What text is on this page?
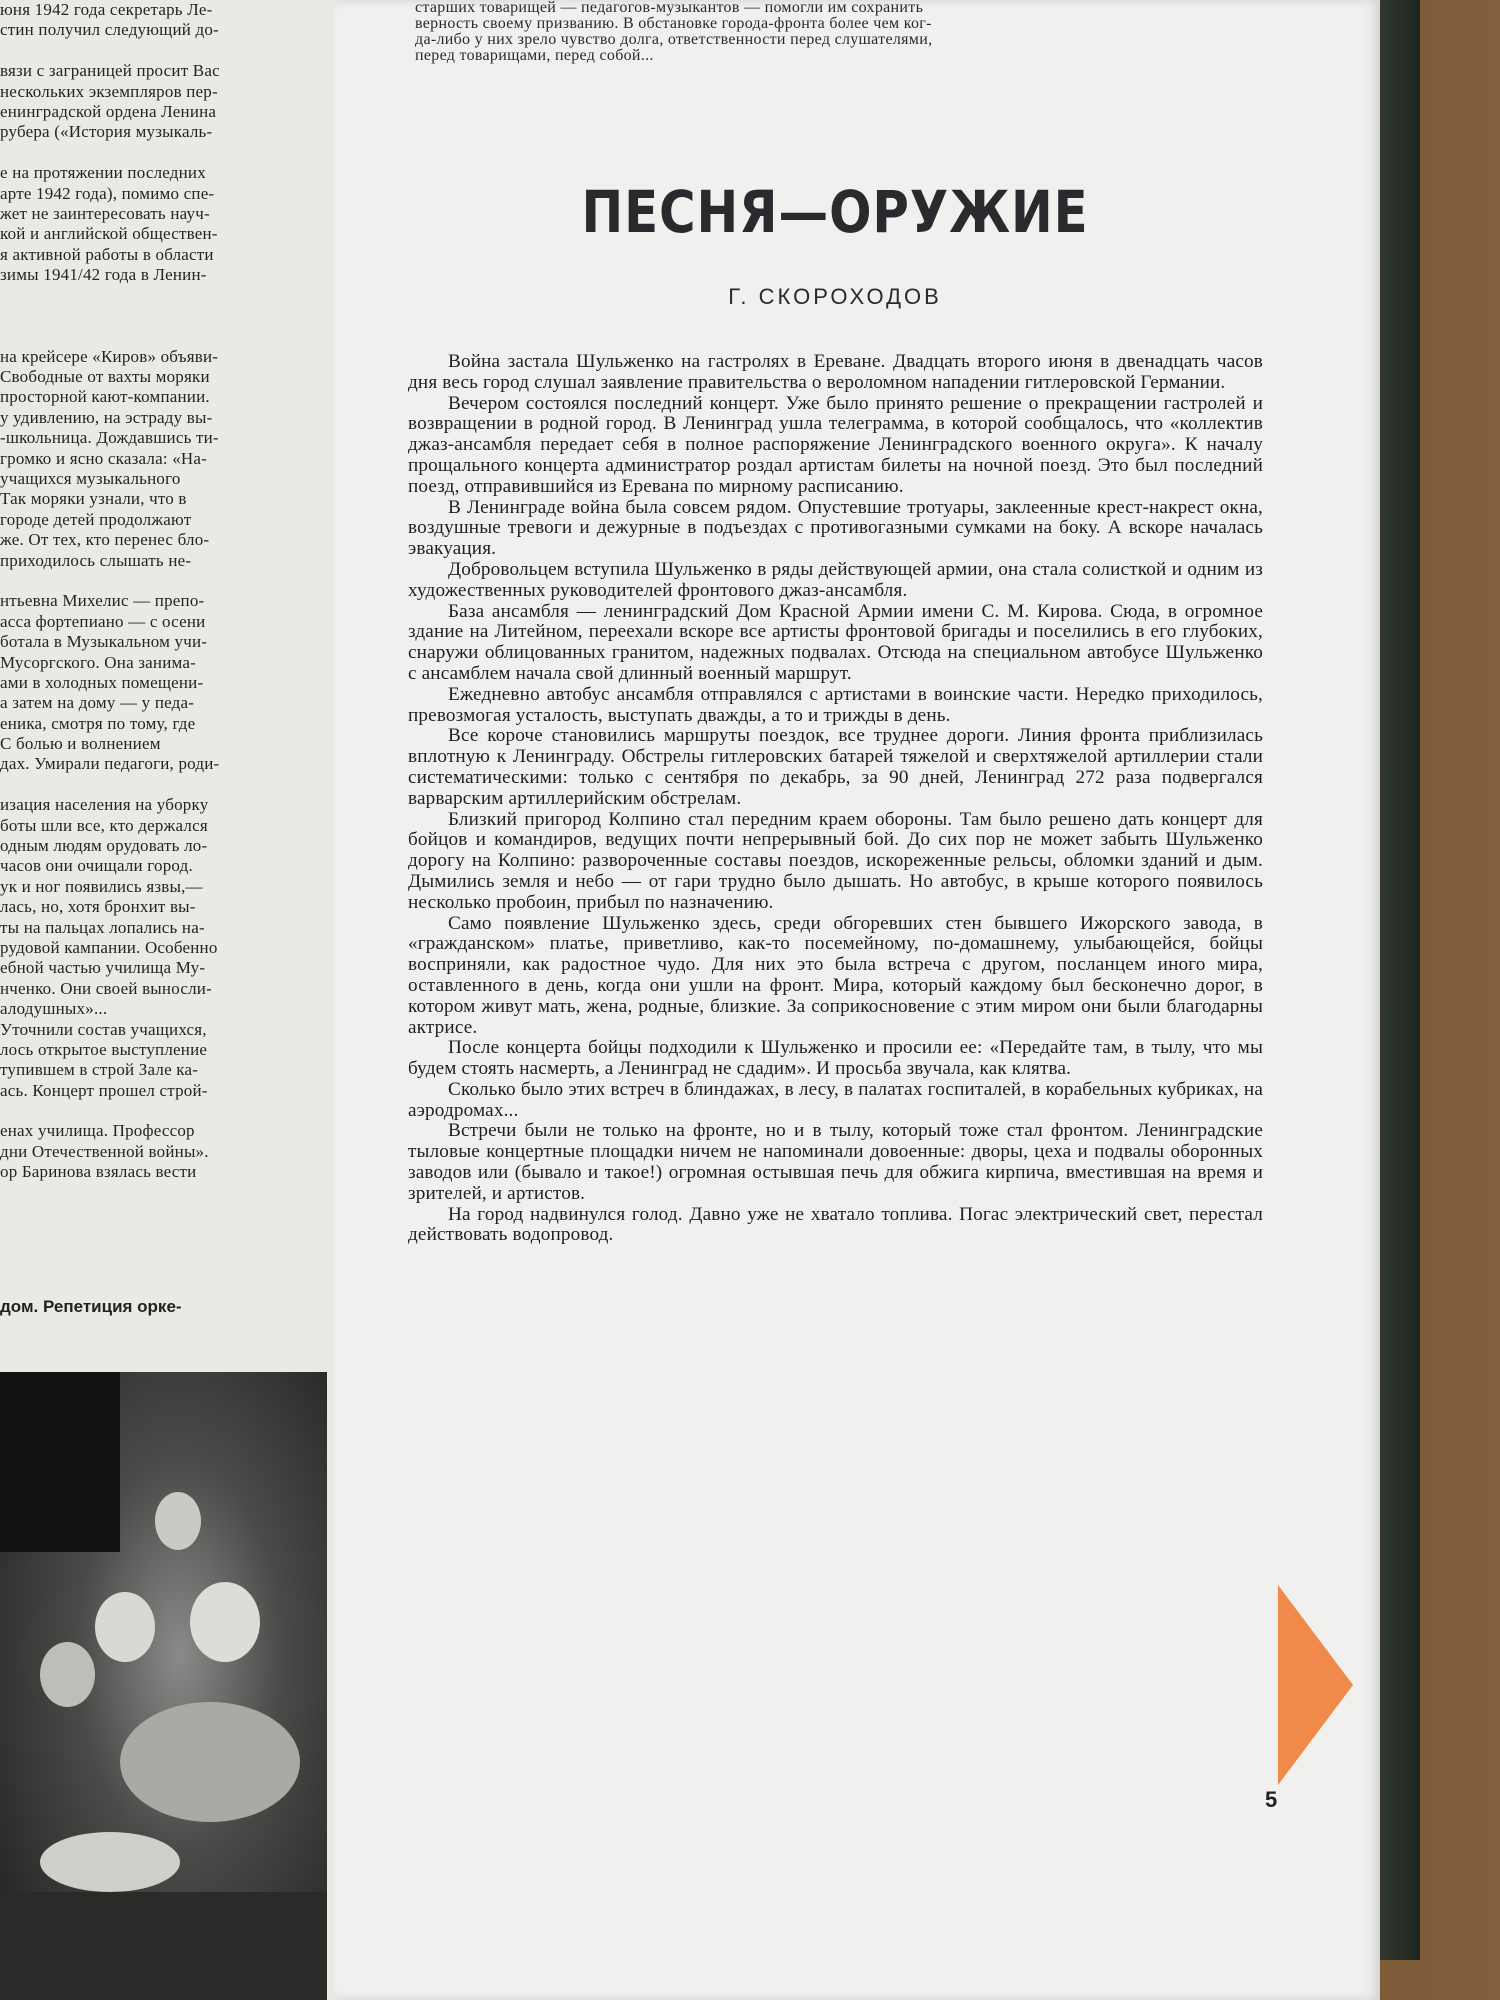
юня 1942 года секретарь Ле-
стин получил следующий до-
вязи с заграницей просит Вас
нескольких экземпляров пер-
енинградской ордена Ленина
рубера («История музыкаль-
е на протяжении последних
арте 1942 года), помимо спе-
жет не заинтересовать науч-
кой и английской обществен-
я активной работы в области
зимы 1941/42 года в Ленин-
на крейсере «Киров» объяви-
Свободные от вахты моряки
просторной кают-компании.
у удивлению, на эстраду вы-
-школьница. Дождавшись ти-
громко и ясно сказала: «На-
учащихся музыкального
Так моряки узнали, что в
городе детей продолжают
же. От тех, кто перенес бло-
приходилось слышать не-
нтьевна Михелис — препо-
асса фортепиано — с осени
ботала в Музыкальном учи-
Мусоргского. Она занима-
ами в холодных помещени-
а затем на дому — у педа-
еника, смотря по тому, где
С болью и волнением
дах. Умирали педагоги, роди-
изация населения на уборку
боты шли все, кто держался
одным людям орудовать ло-
часов они очищали город.
ук и ног появились язвы,—
лась, но, хотя бронхит вы-
ты на пальцах лопались на-
рудовой кампании. Особенно
ебной частью училища Му-
нченко. Они своей выносли-
алодушных»...
Уточнили состав учащихся,
лось открытое выступление
тупившем в строй Зале ка-
ась. Концерт прошел строй-
енах училища. Профессор
дни Отечественной войны».
ор Баринова взялась вести
дом. Репетиция орке-
старших товарищей — педагогов-музыкантов — помогли им сохранить
верность своему призванию. В обстановке города-фронта более чем ког-
да-либо у них зрело чувство долга, ответственности перед слушателями,
перед товарищами, перед собой...
ПЕСНЯ—ОРУЖИЕ
Г. СКОРОХОДОВ

Война застала Шульженко на гастролях в Ереване. Двадцать второго июня в двенадцать часов дня весь город слушал заявление правительства о вероломном нападении гитлеровской Германии.

Вечером состоялся последний концерт. Уже было принято решение о прекращении гастролей и возвращении в родной город. В Ленинград ушла телеграмма, в которой сообщалось, что «коллектив джаз-ансамбля передает себя в полное распоряжение Ленинградского военного округа». К началу прощального концерта администратор роздал артистам билеты на ночной поезд. Это был последний поезд, отправившийся из Еревана по мирному расписанию.

В Ленинграде война была совсем рядом. Опустевшие тротуары, заклеенные крест-накрест окна, воздушные тревоги и дежурные в подъездах с противогазными сумками на боку. А вскоре началась эвакуация.

Добровольцем вступила Шульженко в ряды действующей армии, она стала солисткой и одним из художественных руководителей фронтового джаз-ансамбля.

База ансамбля — ленинградский Дом Красной Армии имени С. М. Кирова. Сюда, в огромное здание на Литейном, переехали вскоре все артисты фронтовой бригады и поселились в его глубоких, снаружи облицованных гранитом, надежных подвалах. Отсюда на специальном автобусе Шульженко с ансамблем начала свой длинный военный маршрут.

Ежедневно автобус ансамбля отправлялся с артистами в воинские части. Нередко приходилось, превозмогая усталость, выступать дважды, а то и трижды в день.

Все короче становились маршруты поездок, все труднее дороги. Линия фронта приблизилась вплотную к Ленинграду. Обстрелы гитлеровских батарей тяжелой и сверхтяжелой артиллерии стали систематическими: только с сентября по декабрь, за 90 дней, Ленинград 272 раза подвергался варварским артиллерийским обстрелам.

Близкий пригород Колпино стал передним краем обороны. Там было решено дать концерт для бойцов и командиров, ведущих почти непрерывный бой. До сих пор не может забыть Шульженко дорогу на Колпино: развороченные составы поездов, искореженные рельсы, обломки зданий и дым. Дымились земля и небо — от гари трудно было дышать. Но автобус, в крыше которого появилось несколько пробоин, прибыл по назначению.

Само появление Шульженко здесь, среди обгоревших стен бывшего Ижорского завода, в «гражданском» платье, приветливо, как-то посемейному, по-домашнему, улыбающейся, бойцы восприняли, как радостное чудо. Для них это была встреча с другом, посланцем иного мира, оставленного в день, когда они ушли на фронт. Мира, который каждому был бесконечно дорог, в котором живут мать, жена, родные, близкие. За соприкосновение с этим миром они были благодарны актрисе.

После концерта бойцы подходили к Шульженко и просили ее: «Передайте там, в тылу, что мы будем стоять насмерть, а Ленинград не сдадим». И просьба звучала, как клятва.

Сколько было этих встреч в блиндажах, в лесу, в палатах госпиталей, в корабельных кубриках, на аэродромах...

Встречи были не только на фронте, но и в тылу, который тоже стал фронтом. Ленинградские тыловые концертные площадки ничем не напоминали довоенные: дворы, цеха и подвалы оборонных заводов или (бывало и такое!) огромная остывшая печь для обжига кирпича, вместившая на время и зрителей, и артистов.

На город надвинулся голод. Давно уже не хватало топлива. Погас электрический свет, перестал действовать водопровод.

5
